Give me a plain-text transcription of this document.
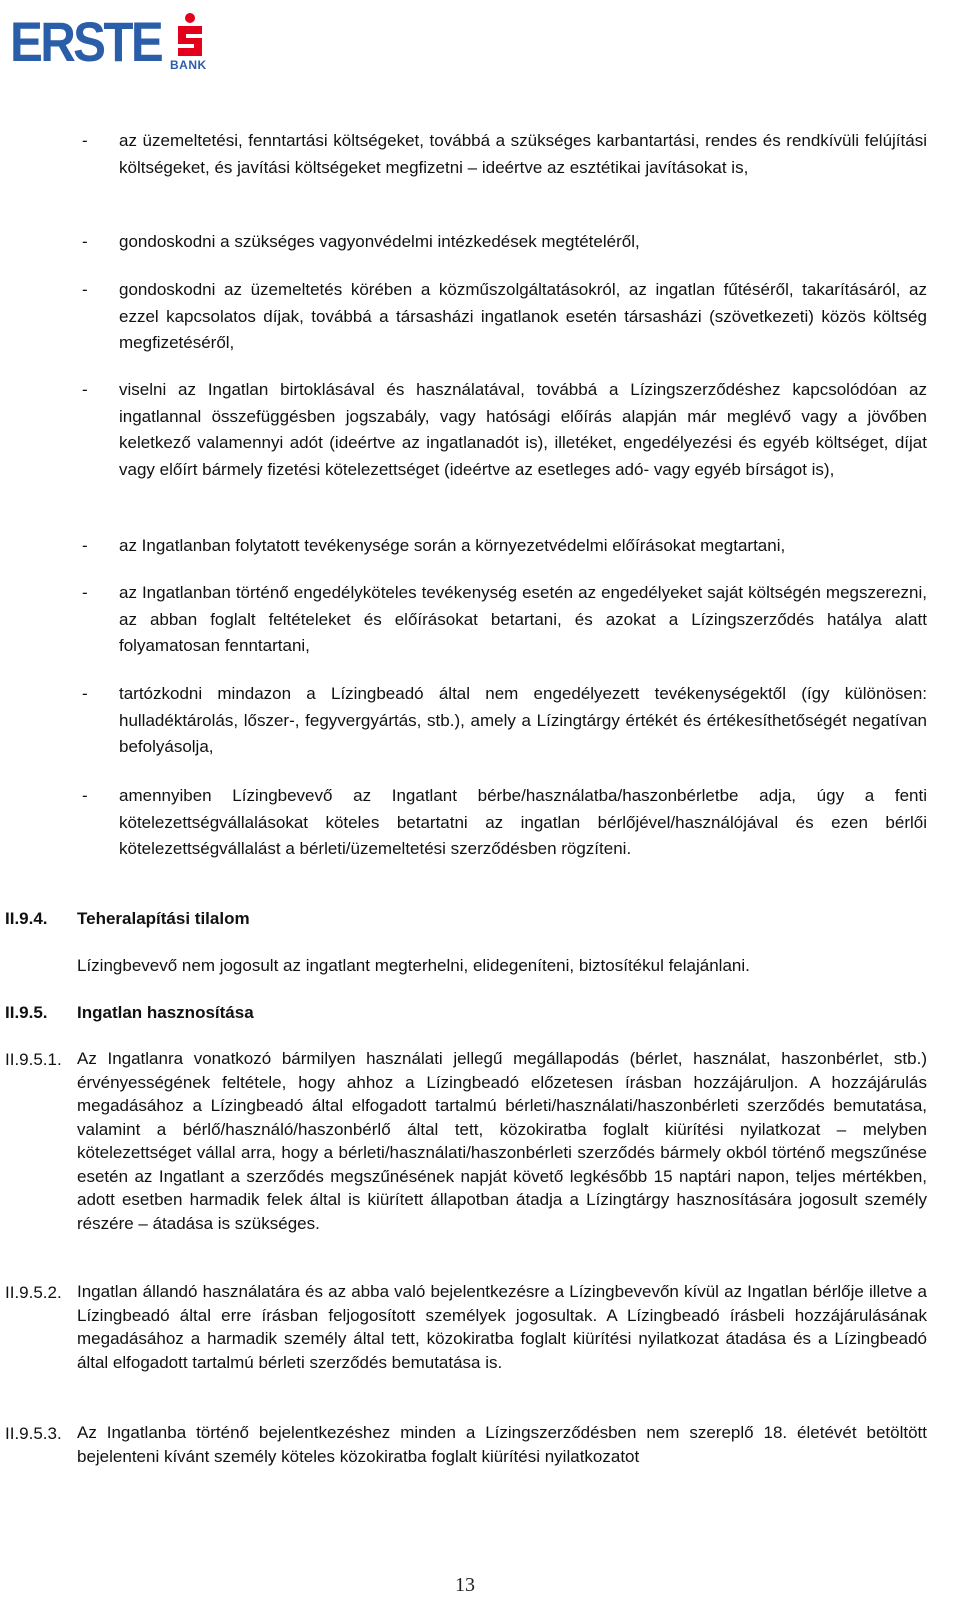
ERSTE BANK
- az üzemeltetési, fenntartási költségeket, továbbá a szükséges karbantartási, rendes és rendkívüli felújítási költségeket, és javítási költségeket megfizetni – ideértve az esztétikai javításokat is,
- gondoskodni a szükséges vagyonvédelmi intézkedések megtételéről,
- gondoskodni az üzemeltetés körében a közműszolgáltatásokról, az ingatlan fűtéséről, takarításáról, az ezzel kapcsolatos díjak, továbbá a társasházi ingatlanok esetén társasházi (szövetkezeti) közös költség megfizetéséről,
- viselni az Ingatlan birtoklásával és használatával, továbbá a Lízingszerződéshez kapcsolódóan az ingatlannal összefüggésben jogszabály, vagy hatósági előírás alapján már meglévő vagy a jövőben keletkező valamennyi adót (ideértve az ingatlanadót is), illetéket, engedélyezési és egyéb költséget, díjat vagy előírt bármely fizetési kötelezettséget (ideértve az esetleges adó- vagy egyéb bírságot is),
- az Ingatlanban folytatott tevékenysége során a környezetvédelmi előírásokat megtartani,
- az Ingatlanban történő engedélyköteles tevékenység esetén az engedélyeket saját költségén megszerezni, az abban foglalt feltételeket és előírásokat betartani, és azokat a Lízingszerződés hatálya alatt folyamatosan fenntartani,
- tartózkodni mindazon a Lízingbeadó által nem engedélyezett tevékenységektől (így különösen: hulladéktárolás, lőszer-, fegyvergyártás, stb.), amely a Lízingtárgy értékét és értékesíthetőségét negatívan befolyásolja,
- amennyiben Lízingbevevő az Ingatlant bérbe/használatba/haszonbérletbe adja, úgy a fenti kötelezettségvállalásokat köteles betartatni az ingatlan bérlőjével/használójával és ezen bérlői kötelezettségvállalást a bérleti/üzemeltetési szerződésben rögzíteni.
II.9.4. Teheralapítási tilalom
Lízingbevevő nem jogosult az ingatlant megterhelni, elidegeníteni, biztosítékul felajánlani.
II.9.5. Ingatlan hasznosítása
II.9.5.1. Az Ingatlanra vonatkozó bármilyen használati jellegű megállapodás (bérlet, használat, haszonbérlet, stb.) érvényességének feltétele, hogy ahhoz a Lízingbeadó előzetesen írásban hozzájáruljon. A hozzájárulás megadásához a Lízingbeadó által elfogadott tartalmú bérleti/használati/haszonbérleti szerződés bemutatása, valamint a bérlő/használó/haszonbérlő által tett, közokiratba foglalt kiürítési nyilatkozat – melyben kötelezettséget vállal arra, hogy a bérleti/használati/haszonbérleti szerződés bármely okból történő megszűnése esetén az Ingatlant a szerződés megszűnésének napját követő legkésőbb 15 naptári napon, teljes mértékben, adott esetben harmadik felek által is kiürített állapotban átadja a Lízingtárgy hasznosítására jogosult személy részére – átadása is szükséges.
II.9.5.2. Ingatlan állandó használatára és az abba való bejelentkezésre a Lízingbevevőn kívül az Ingatlan bérlője illetve a Lízingbeadó által erre írásban feljogosított személyek jogosultak. A Lízingbeadó írásbeli hozzájárulásának megadásához a harmadik személy által tett, közokiratba foglalt kiürítési nyilatkozat átadása és a Lízingbeadó által elfogadott tartalmú bérleti szerződés bemutatása is.
II.9.5.3. Az Ingatlanba történő bejelentkezéshez minden a Lízingszerződésben nem szereplő 18. életévét betöltött bejelenteni kívánt személy köteles közokiratba foglalt kiürítési nyilatkozatot
13
